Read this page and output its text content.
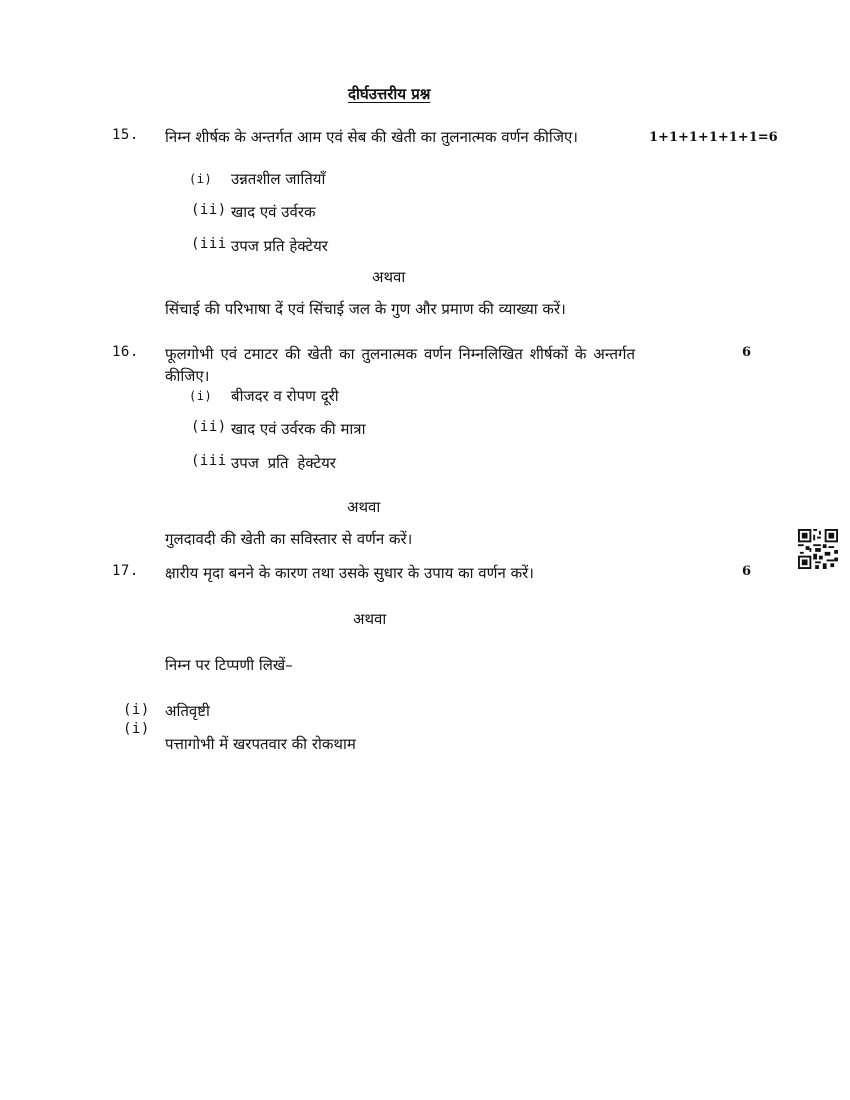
दीर्घउत्तरीय प्रश्न
15. निम्न शीर्षक के अन्तर्गत आम एवं सेब की खेती का तुलनात्मक वर्णन कीजिए।	1+1+1+1+1+1=6
(i) उन्नतशील जातियाँ
(ii) खाद एवं उर्वरक
(iii उपज प्रति हेक्टेयर
अथवा
सिंचाई की परिभाषा दें एवं सिंचाई जल के गुण और प्रमाण की व्याख्या करें।
16. फूलगोभी एवं टमाटर की खेती का तुलनात्मक वर्णन निम्नलिखित शीर्षकों के अन्तर्गत कीजिए।
6
(i) बीजदर व रोपण दूरी
(ii) खाद एवं उर्वरक की मात्रा
(iii उपज प्रति हेक्टेयर
अथवा
गुलदावदी की खेती का सविस्तार से वर्णन करें।
17. क्षारीय मृदा बनने के कारण तथा उसके सुधार के उपाय का वर्णन करें।	6
अथवा
निम्न पर टिप्पणी लिखें–
(i) अतिवृष्टी
(i)
पत्तागोभी में खरपतवार की रोकथाम
